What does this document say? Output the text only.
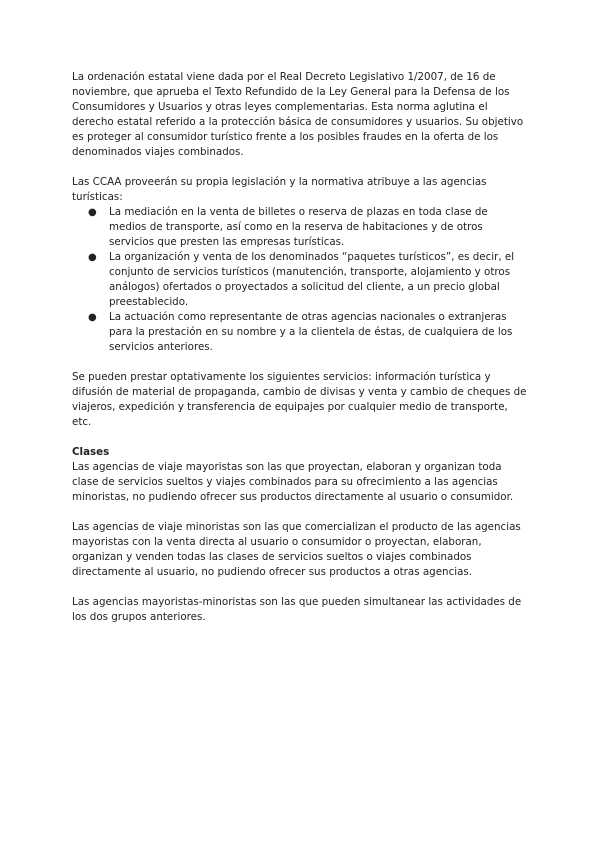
La ordenación estatal viene dada por el Real Decreto Legislativo 1/2007, de 16 de noviembre, que aprueba el Texto Refundido de la Ley General para la Defensa de los Consumidores y Usuarios y otras leyes complementarias. Esta norma aglutina el derecho estatal referido a la protección básica de consumidores y usuarios. Su objetivo es proteger al consumidor turístico frente a los posibles fraudes en la oferta de los denominados viajes combinados.

Las CCAA proveerán su propia legislación y la normativa atribuye a las agencias turísticas:

● La mediación en la venta de billetes o reserva de plazas en toda clase de medios de transporte, así como en la reserva de habitaciones y de otros servicios que presten las empresas turísticas.
● La organización y venta de los denominados “paquetes turísticos”, es decir, el conjunto de servicios turísticos (manutención, transporte, alojamiento y otros análogos) ofertados o proyectados a solicitud del cliente, a un precio global preestablecido.
● La actuación como representante de otras agencias nacionales o extranjeras para la prestación en su nombre y a la clientela de éstas, de cualquiera de los servicios anteriores.

Se pueden prestar optativamente los siguientes servicios: información turística y difusión de material de propaganda, cambio de divisas y venta y cambio de cheques de viajeros, expedición y transferencia de equipajes por cualquier medio de transporte, etc.

Clases

Las agencias de viaje mayoristas son las que proyectan, elaboran y organizan toda clase de servicios sueltos y viajes combinados para su ofrecimiento a las agencias minoristas, no pudiendo ofrecer sus productos directamente al usuario o consumidor.

Las agencias de viaje minoristas son las que comercializan el producto de las agencias mayoristas con la venta directa al usuario o consumidor o proyectan, elaboran, organizan y venden todas las clases de servicios sueltos o viajes combinados directamente al usuario, no pudiendo ofrecer sus productos a otras agencias.

Las agencias mayoristas-minoristas son las que pueden simultanear las actividades de los dos grupos anteriores.
